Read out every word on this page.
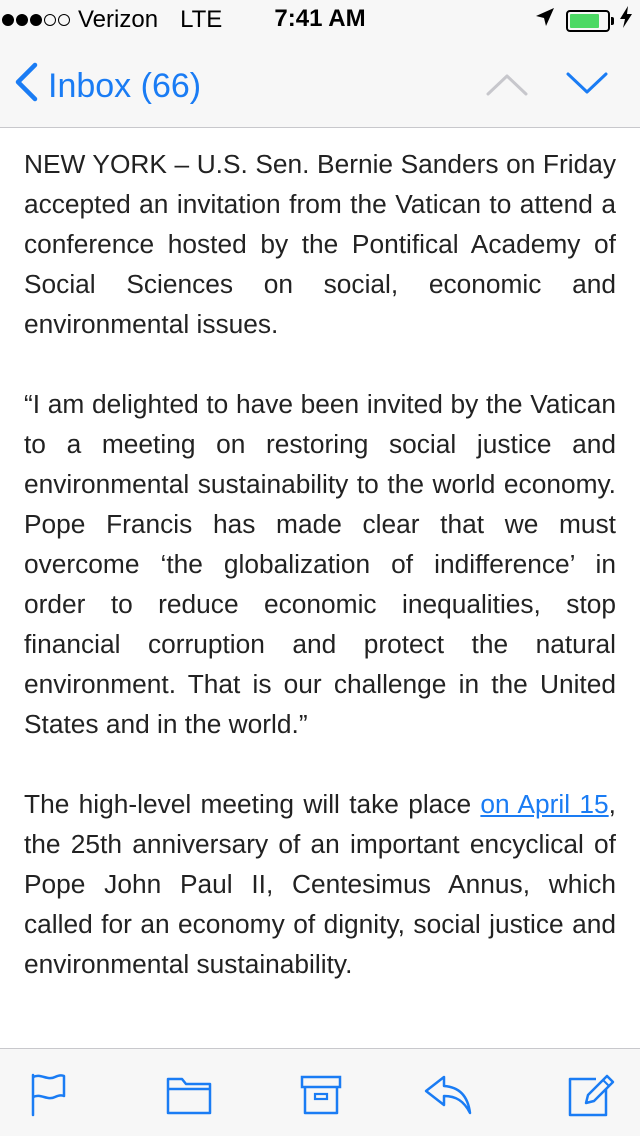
Verizon LTE	7:41 AM
Inbox (66)

NEW YORK – U.S. Sen. Bernie Sanders on Friday accepted an invitation from the Vatican to attend a conference hosted by the Pontifical Academy of Social Sciences on social, economic and environmental issues.

“I am delighted to have been invited by the Vatican to a meeting on restoring social justice and environmental sustainability to the world economy. Pope Francis has made clear that we must overcome ‘the globalization of indifference’ in order to reduce economic inequalities, stop financial corruption and protect the natural environment. That is our challenge in the United States and in the world.”

The high-level meeting will take place on April 15, the 25th anniversary of an important encyclical of Pope John Paul II, Centesimus Annus, which called for an economy of dignity, social justice and environmental sustainability.
